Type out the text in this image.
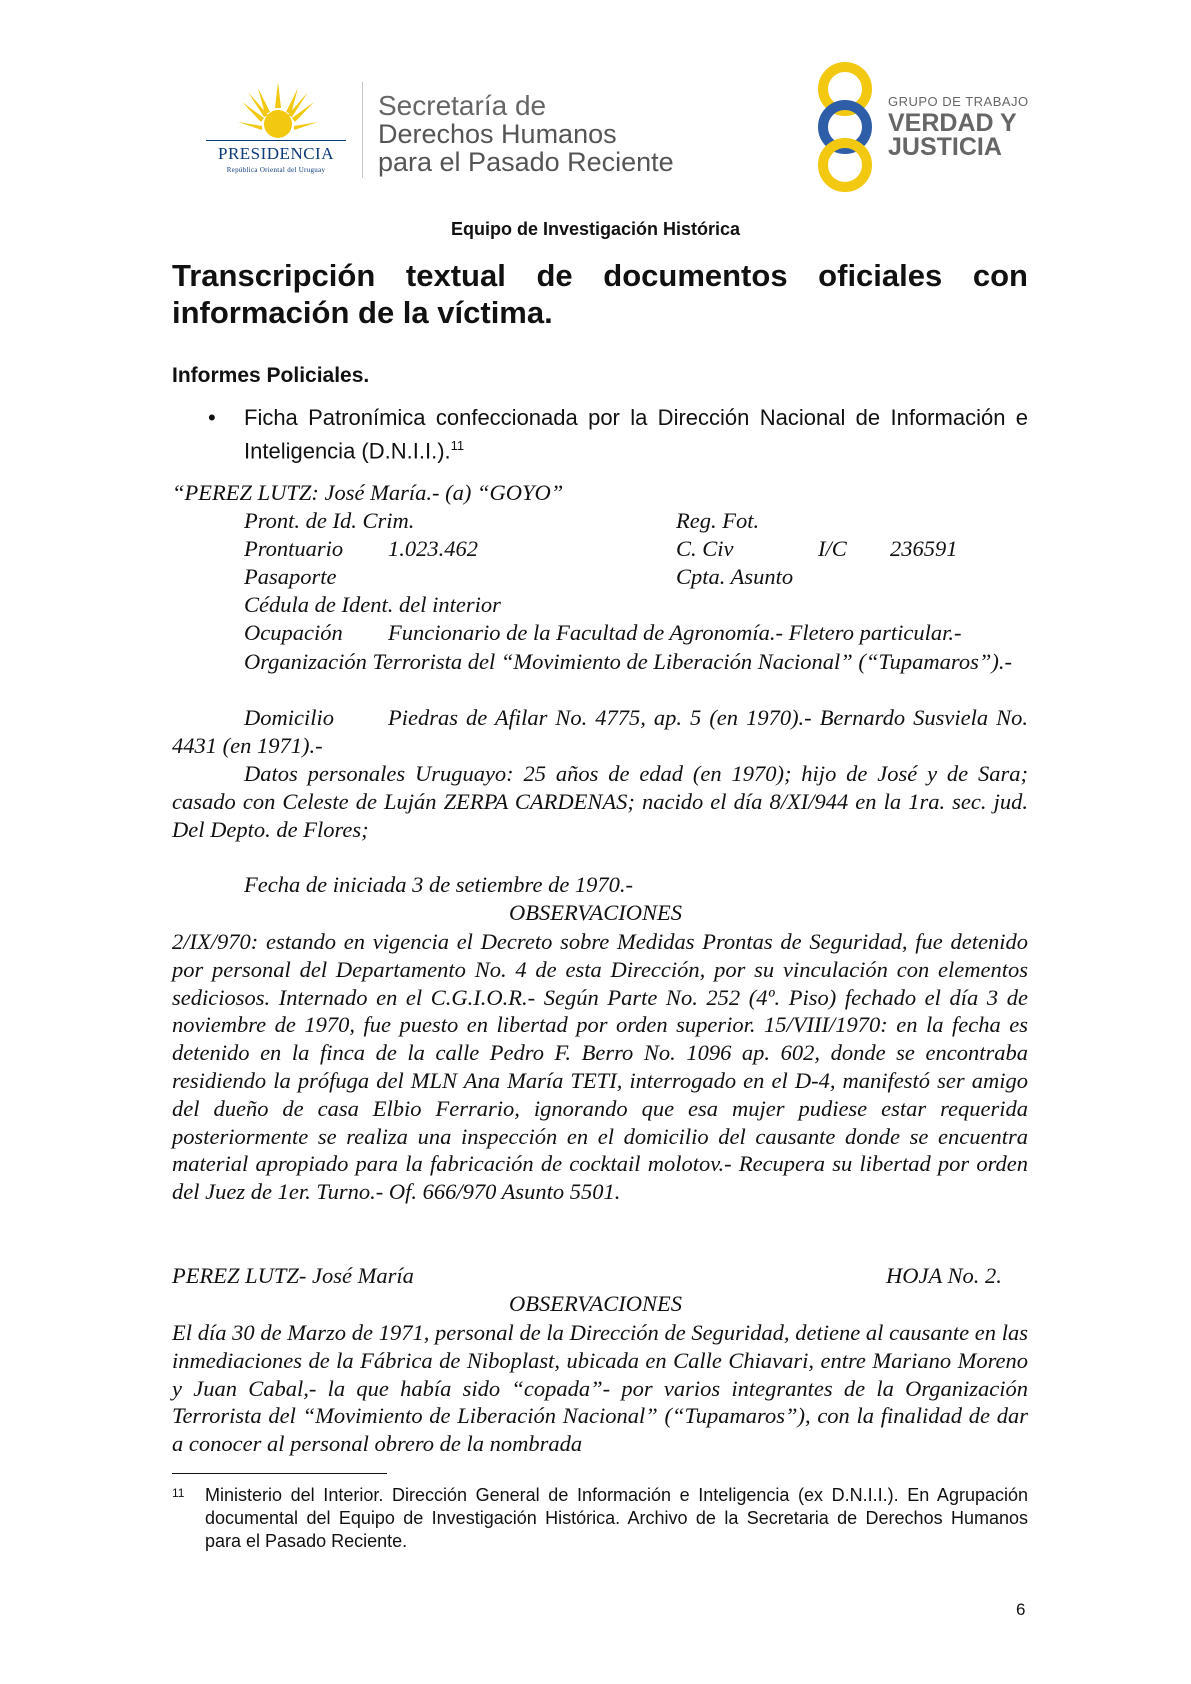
PRESIDENCIA
República Oriental del Uruguay
Secretaría de
Derechos Humanos
para el Pasado Reciente
GRUPO DE TRABAJO
VERDAD Y
JUSTICIA
Equipo de Investigación Histórica
Transcripción textual de documentos oficiales con información de la víctima.
Informes Policiales.
• Ficha Patronímica confeccionada por la Dirección Nacional de Información e Inteligencia (D.N.I.I.).$^{11}$
“PEREZ LUTZ: José María.- (a) “GOYO”
Pront. de Id. Crim.	Reg. Fot.
Prontuario 1.023.462	C. Civ	I/C 236591
Pasaporte	Cpta. Asunto
Cédula de Ident. del interior
Ocupación Funcionario de la Facultad de Agronomía.- Fletero particular.-
Organización Terrorista del “Movimiento de Liberación Nacional” (“Tupamaros”).-
Domicilio Piedras de Afilar No. 4775, ap. 5 (en 1970).- Bernardo Susviela No. 4431 (en 1971).-
Datos personales Uruguayo: 25 años de edad (en 1970); hijo de José y de Sara; casado con Celeste de Luján ZERPA CARDENAS; nacido el día 8/XI/944 en la 1ra. sec. jud. Del Depto. de Flores;
Fecha de iniciada 3 de setiembre de 1970.-
OBSERVACIONES
2/IX/970: estando en vigencia el Decreto sobre Medidas Prontas de Seguridad, fue detenido por personal del Departamento No. 4 de esta Dirección, por su vinculación con elementos sediciosos. Internado en el C.G.I.O.R.- Según Parte No. 252 (4º. Piso) fechado el día 3 de noviembre de 1970, fue puesto en libertad por orden superior. 15/VIII/1970: en la fecha es detenido en la finca de la calle Pedro F. Berro No. 1096 ap. 602, donde se encontraba residiendo la prófuga del MLN Ana María TETI, interrogado en el D-4, manifestó ser amigo del dueño de casa Elbio Ferrario, ignorando que esa mujer pudiese estar requerida posteriormente se realiza una inspección en el domicilio del causante donde se encuentra material apropiado para la fabricación de cocktail molotov.- Recupera su libertad por orden del Juez de 1er. Turno.- Of. 666/970 Asunto 5501.
PEREZ LUTZ- José María	HOJA No. 2.
OBSERVACIONES
El día 30 de Marzo de 1971, personal de la Dirección de Seguridad, detiene al causante en las inmediaciones de la Fábrica de Niboplast, ubicada en Calle Chiavari, entre Mariano Moreno y Juan Cabal,- la que había sido “copada”- por varios integrantes de la Organización Terrorista del “Movimiento de Liberación Nacional” (“Tupamaros”), con la finalidad de dar a conocer al personal obrero de la nombrada
11 Ministerio del Interior. Dirección General de Información e Inteligencia (ex D.N.I.I.). En Agrupación documental del Equipo de Investigación Histórica. Archivo de la Secretaria de Derechos Humanos para el Pasado Reciente.
6
